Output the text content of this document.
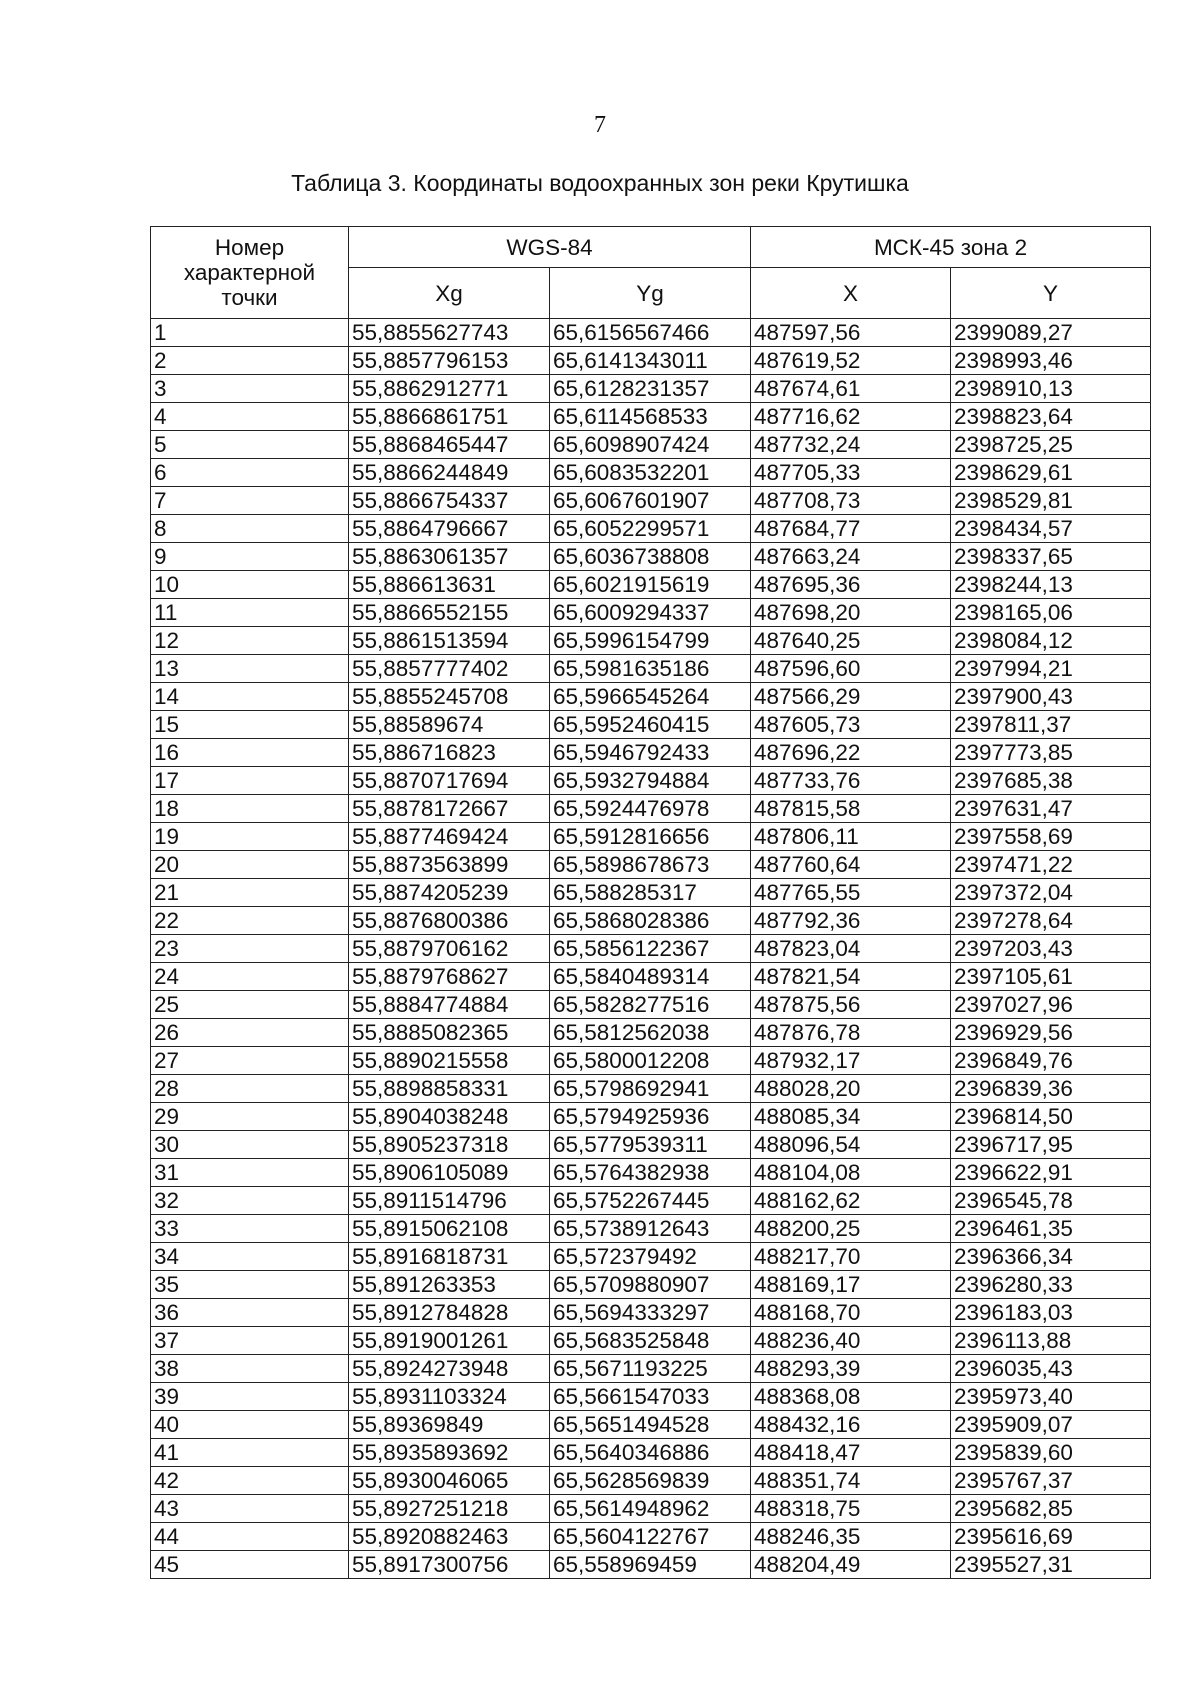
7
Таблица 3. Координаты водоохранных зон реки Крутишка
Номер характерной точки	WGS-84		МСК-45 зона 2	
	Xg	Yg	X	Y
1	55,8855627743	65,6156567466	487597,56	2399089,27
2	55,8857796153	65,6141343011	487619,52	2398993,46
3	55,8862912771	65,6128231357	487674,61	2398910,13
4	55,8866861751	65,6114568533	487716,62	2398823,64
5	55,8868465447	65,6098907424	487732,24	2398725,25
6	55,8866244849	65,6083532201	487705,33	2398629,61
7	55,8866754337	65,6067601907	487708,73	2398529,81
8	55,8864796667	65,6052299571	487684,77	2398434,57
9	55,8863061357	65,6036738808	487663,24	2398337,65
10	55,886613631	65,6021915619	487695,36	2398244,13
11	55,8866552155	65,6009294337	487698,20	2398165,06
12	55,8861513594	65,5996154799	487640,25	2398084,12
13	55,8857777402	65,5981635186	487596,60	2397994,21
14	55,8855245708	65,5966545264	487566,29	2397900,43
15	55,88589674	65,5952460415	487605,73	2397811,37
16	55,886716823	65,5946792433	487696,22	2397773,85
17	55,8870717694	65,5932794884	487733,76	2397685,38
18	55,8878172667	65,5924476978	487815,58	2397631,47
19	55,8877469424	65,5912816656	487806,11	2397558,69
20	55,8873563899	65,5898678673	487760,64	2397471,22
21	55,8874205239	65,588285317	487765,55	2397372,04
22	55,8876800386	65,5868028386	487792,36	2397278,64
23	55,8879706162	65,5856122367	487823,04	2397203,43
24	55,8879768627	65,5840489314	487821,54	2397105,61
25	55,8884774884	65,5828277516	487875,56	2397027,96
26	55,8885082365	65,5812562038	487876,78	2396929,56
27	55,8890215558	65,5800012208	487932,17	2396849,76
28	55,8898858331	65,5798692941	488028,20	2396839,36
29	55,8904038248	65,5794925936	488085,34	2396814,50
30	55,8905237318	65,5779539311	488096,54	2396717,95
31	55,8906105089	65,5764382938	488104,08	2396622,91
32	55,8911514796	65,5752267445	488162,62	2396545,78
33	55,8915062108	65,5738912643	488200,25	2396461,35
34	55,8916818731	65,572379492	488217,70	2396366,34
35	55,891263353	65,5709880907	488169,17	2396280,33
36	55,8912784828	65,5694333297	488168,70	2396183,03
37	55,8919001261	65,5683525848	488236,40	2396113,88
38	55,8924273948	65,5671193225	488293,39	2396035,43
39	55,8931103324	65,5661547033	488368,08	2395973,40
40	55,89369849	65,5651494528	488432,16	2395909,07
41	55,8935893692	65,5640346886	488418,47	2395839,60
42	55,8930046065	65,5628569839	488351,74	2395767,37
43	55,8927251218	65,5614948962	488318,75	2395682,85
44	55,8920882463	65,5604122767	488246,35	2395616,69
45	55,8917300756	65,558969459	488204,49	2395527,31
